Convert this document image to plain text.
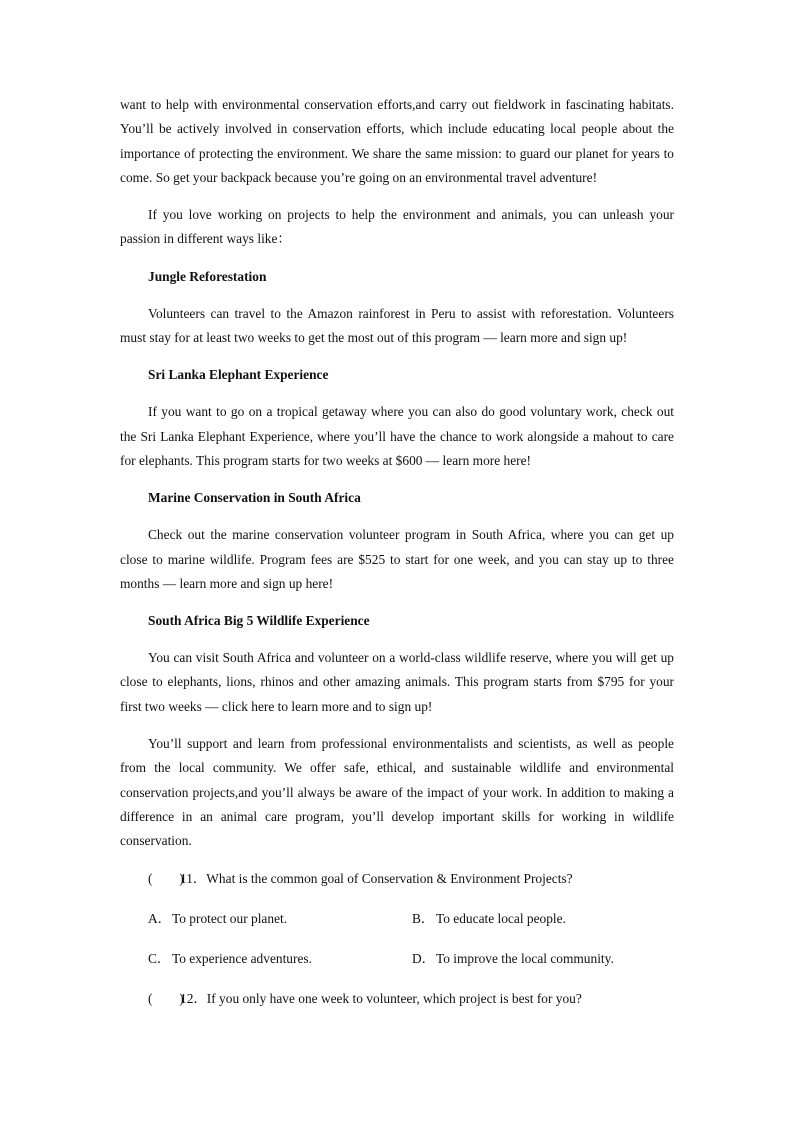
want to help with environmental conservation efforts,and carry out fieldwork in fascinating habitats. You’ll be actively involved in conservation efforts, which include educating local people about the importance of protecting the environment. We share the same mission: to guard our planet for years to come. So get your backpack because you’re going on an environmental travel adventure!

If you love working on projects to help the environment and animals, you can unleash your passion in different ways like：

Jungle Reforestation

Volunteers can travel to the Amazon rainforest in Peru to assist with reforestation. Volunteers must stay for at least two weeks to get the most out of this program — learn more and sign up!

Sri Lanka Elephant Experience

If you want to go on a tropical getaway where you can also do good voluntary work, check out the Sri Lanka Elephant Experience, where you’ll have the chance to work alongside a mahout to care for elephants. This program starts for two weeks at $600 — learn more here!

Marine Conservation in South Africa

Check out the marine conservation volunteer program in South Africa, where you can get up close to marine wildlife. Program fees are $525 to start for one week, and you can stay up to three months — learn more and sign up here!

South Africa Big 5 Wildlife Experience

You can visit South Africa and volunteer on a world-class wildlife reserve, where you will get up close to elephants, lions, rhinos and other amazing animals. This program starts from $795 for your first two weeks — click here to learn more and to sign up!

You’ll support and learn from professional environmentalists and scientists, as well as people from the local community. We offer safe, ethical, and sustainable wildlife and environmental conservation projects,and you’ll always be aware of the impact of your work. In addition to making a difference in an animal care program, you’ll develop important skills for working in wildlife conservation.

(　　)11．What is the common goal of Conservation & Environment Projects?
A．To protect our planet.	B． To educate local people.
C． To experience adventures.	D．To improve the local community.
(　　)12．If you only have one week to volunteer, which project is best for you?
